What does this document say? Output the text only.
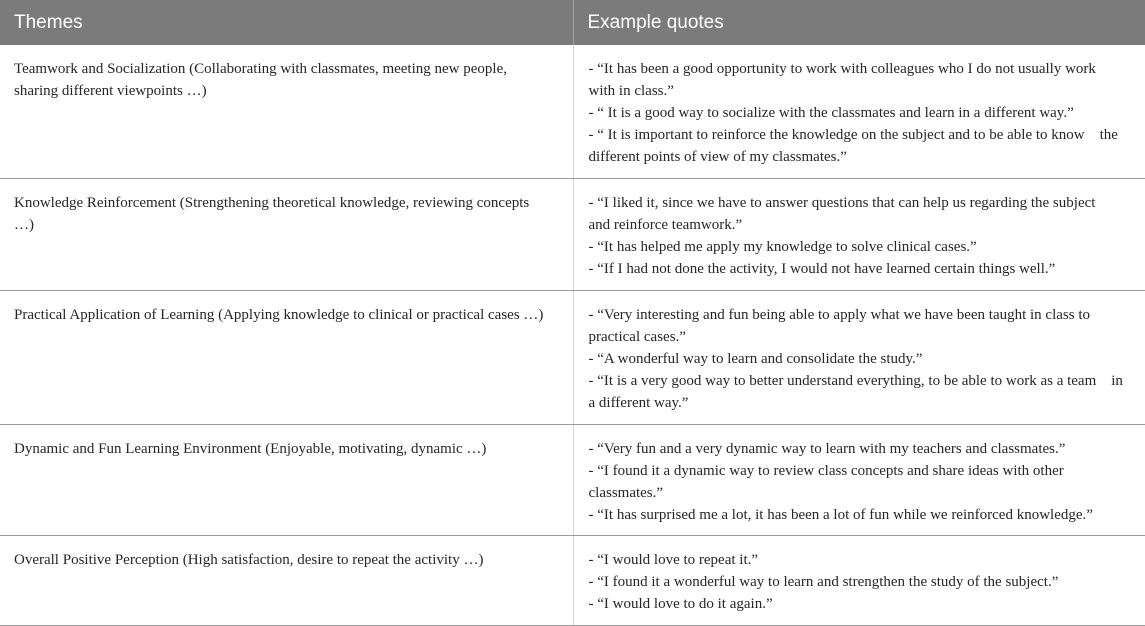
Themes	Example quotes
Teamwork and Socialization (Collaborating with classmates, meeting new people, sharing different viewpoints …)	- “It has been a good opportunity to work with colleagues who I do not usually work with in class.”
- “ It is a good way to socialize with the classmates and learn in a different way.”
- “ It is important to reinforce the knowledge on the subject and to be able to know the different points of view of my classmates.”

Knowledge Reinforcement (Strengthening theoretical knowledge, reviewing concepts …)	- “I liked it, since we have to answer questions that can help us regarding the subject and reinforce teamwork.”
- “It has helped me apply my knowledge to solve clinical cases.”
- “If I had not done the activity, I would not have learned certain things well.”

Practical Application of Learning (Applying knowledge to clinical or practical cases …)	- “Very interesting and fun being able to apply what we have been taught in class to practical cases.”
- “A wonderful way to learn and consolidate the study.”
- “It is a very good way to better understand everything, to be able to work as a team in a different way.”

Dynamic and Fun Learning Environment (Enjoyable, motivating, dynamic …)	- “Very fun and a very dynamic way to learn with my teachers and classmates.”
- “I found it a dynamic way to review class concepts and share ideas with other classmates.”
- “It has surprised me a lot, it has been a lot of fun while we reinforced knowledge.”

Overall Positive Perception (High satisfaction, desire to repeat the activity …)	- “I would love to repeat it.”
- “I found it a wonderful way to learn and strengthen the study of the subject.”
- “I would love to do it again.”
